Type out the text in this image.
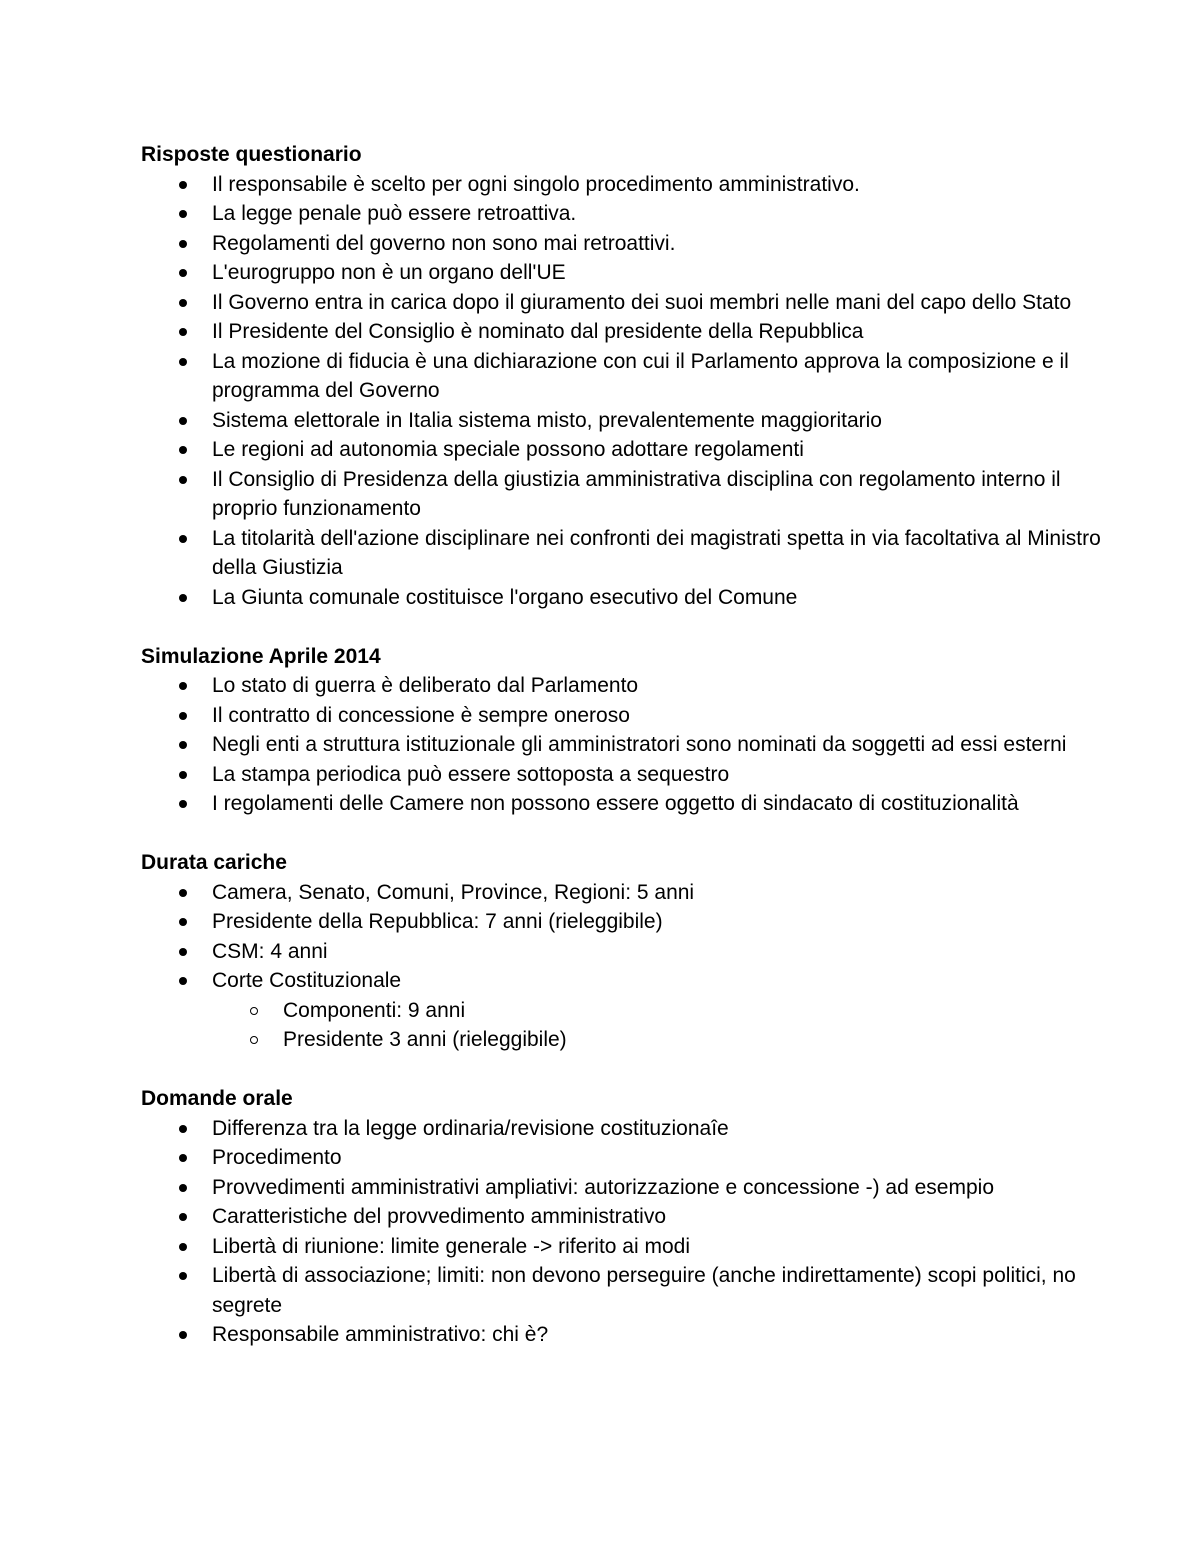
Risposte questionario
Il responsabile è scelto per ogni singolo procedimento amministrativo.
La legge penale può essere retroattiva.
Regolamenti del governo non sono mai retroattivi.
L'eurogruppo non è un organo dell'UE
Il Governo entra in carica dopo il giuramento dei suoi membri nelle mani del capo dello Stato
Il Presidente del Consiglio è nominato dal presidente della Repubblica
La mozione di fiducia è una dichiarazione con cui il Parlamento approva la composizione e il programma del Governo
Sistema elettorale in Italia sistema misto, prevalentemente maggioritario
Le regioni ad autonomia speciale possono adottare regolamenti
Il Consiglio di Presidenza della giustizia amministrativa disciplina con regolamento interno il proprio funzionamento
La titolarità dell'azione disciplinare nei confronti dei magistrati spetta in via facoltativa al Ministro della Giustizia
La Giunta comunale costituisce l'organo esecutivo del Comune
Simulazione Aprile 2014
Lo stato di guerra è deliberato dal Parlamento
Il contratto di concessione è sempre oneroso
Negli enti a struttura istituzionale gli amministratori sono nominati da soggetti ad essi esterni
La stampa periodica può essere sottoposta a sequestro
I regolamenti delle Camere non possono essere oggetto di sindacato di costituzionalità
Durata cariche
Camera, Senato, Comuni, Province, Regioni: 5 anni
Presidente della Repubblica: 7 anni (rieleggibile)
CSM: 4 anni
Corte Costituzionale
Componenti: 9 anni
Presidente 3 anni (rieleggibile)
Domande orale
Differenza tra la legge ordinaria/revisione costituzionaîe
Procedimento
Provvedimenti amministrativi ampliativi: autorizzazione e concessione -) ad esempio
Caratteristiche del provvedimento amministrativo
Libertà di riunione: limite generale -> riferito ai modi
Libertà di associazione; limiti: non devono perseguire (anche indirettamente) scopi politici, no segrete
Responsabile amministrativo: chi è?
